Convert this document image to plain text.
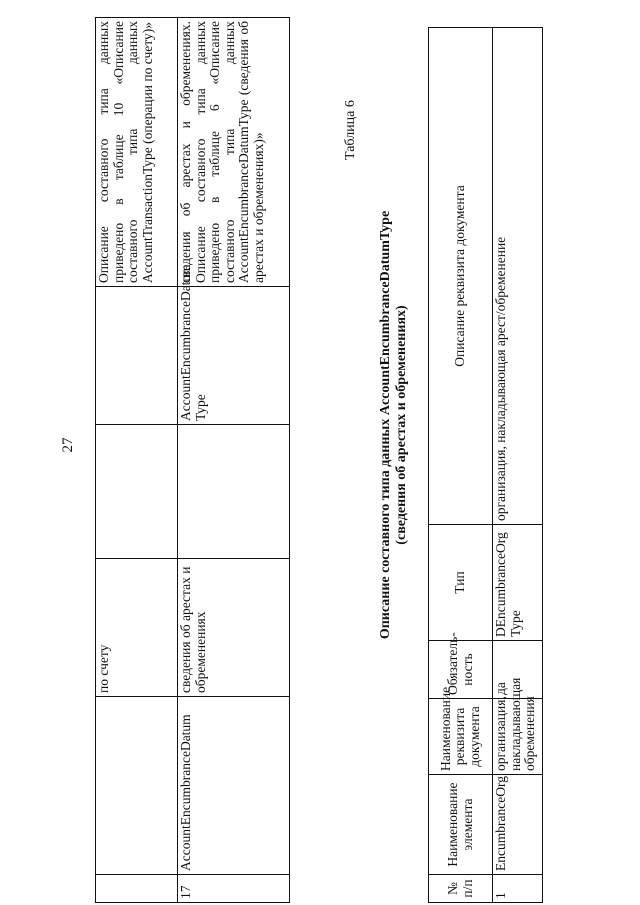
27
		по счету			Описание составного типа данных приведено в таблице 10 «Описание составного типа данных AccountTransactionType (операции по счету)»
17	AccountEncumbranceDatum	сведения об арестах и обременениях		AccountEncumbranceDatum Type	сведения об арестах и обременениях. Описание составного типа данных приведено в таблице 6 «Описание составного типа данных AccountEncumbranceDatumType (сведения об арестах и обременениях)»
Таблица 6
Описание составного типа данных AccountEncumbranceDatumType (сведения об арестах и обременениях)
№ п/п	Наименование элемента	Наименование реквизита документа	Обязатель-ность	Тип	Описание реквизита документа
1	EncumbranceOrg	организация, накладывающая обременения	да	DEncumbranceOrg Type	организация, накладывающая арест/обременение
